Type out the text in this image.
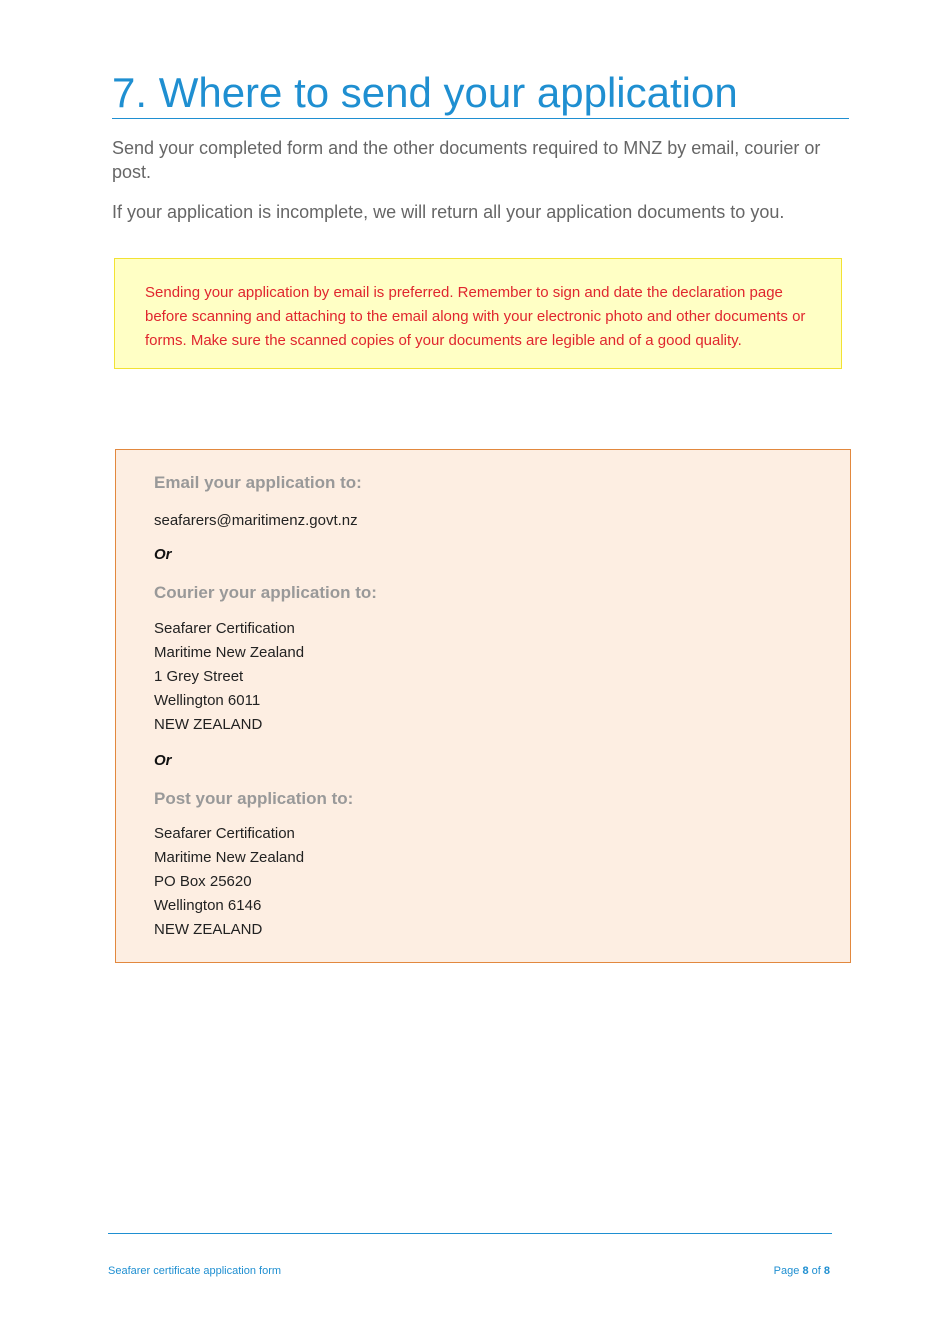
7. Where to send your application

Send your completed form and the other documents required to MNZ by email, courier or post.

If your application is incomplete, we will return all your application documents to you.

Sending your application by email is preferred. Remember to sign and date the declaration page before scanning and attaching to the email along with your electronic photo and other documents or forms. Make sure the scanned copies of your documents are legible and of a good quality.

Email your application to:

seafarers@maritimenz.govt.nz

Or

Courier your application to:
Seafarer Certification
Maritime New Zealand
1 Grey Street
Wellington 6011
NEW ZEALAND

Or

Post your application to:
Seafarer Certification
Maritime New Zealand
PO Box 25620
Wellington 6146
NEW ZEALAND
Seafarer certificate application form	Page 8 of 8
